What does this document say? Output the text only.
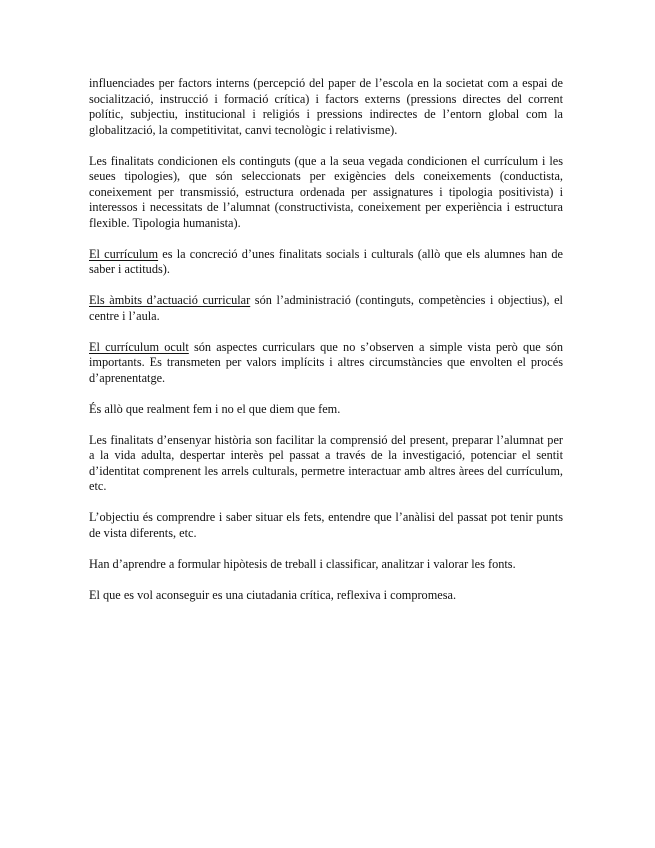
influenciades per factors interns (percepció del paper de l’escola en la societat com a espai de socialització, instrucció i formació crítica) i factors externs (pressions directes del corrent polític, subjectiu, institucional i religiós i pressions indirectes de l’entorn global com la globalització, la competitivitat, canvi tecnològic i relativisme).

Les finalitats condicionen els continguts (que a la seua vegada condicionen el currículum i les seues tipologies), que són seleccionats per exigències dels coneixements (conductista, coneixement per transmissió, estructura ordenada per assignatures i tipologia positivista) i interessos i necessitats de l’alumnat (constructivista, coneixement per experiència i estructura flexible. Tipologia humanista).

El currículum es la concreció d’unes finalitats socials i culturals (allò que els alumnes han de saber i actituds).

Els àmbits d’actuació curricular són l’administració (continguts, competències i objectius), el centre i l’aula.

El currículum ocult són aspectes curriculars que no s’observen a simple vista però que són importants. Es transmeten per valors implícits i altres circumstàncies que envolten el procés d’aprenentatge.

És allò que realment fem i no el que diem que fem.

Les finalitats d’ensenyar història son facilitar la comprensió del present, preparar l’alumnat per a la vida adulta, despertar interès pel passat a través de la investigació, potenciar el sentit d’identitat comprenent les arrels culturals, permetre interactuar amb altres àrees del currículum, etc.

L’objectiu és comprendre i saber situar els fets, entendre que l’anàlisi del passat pot tenir punts de vista diferents, etc.

Han d’aprendre a formular hipòtesis de treball i classificar, analitzar i valorar les fonts.

El que es vol aconseguir es una ciutadania crítica, reflexiva i compromesa.
